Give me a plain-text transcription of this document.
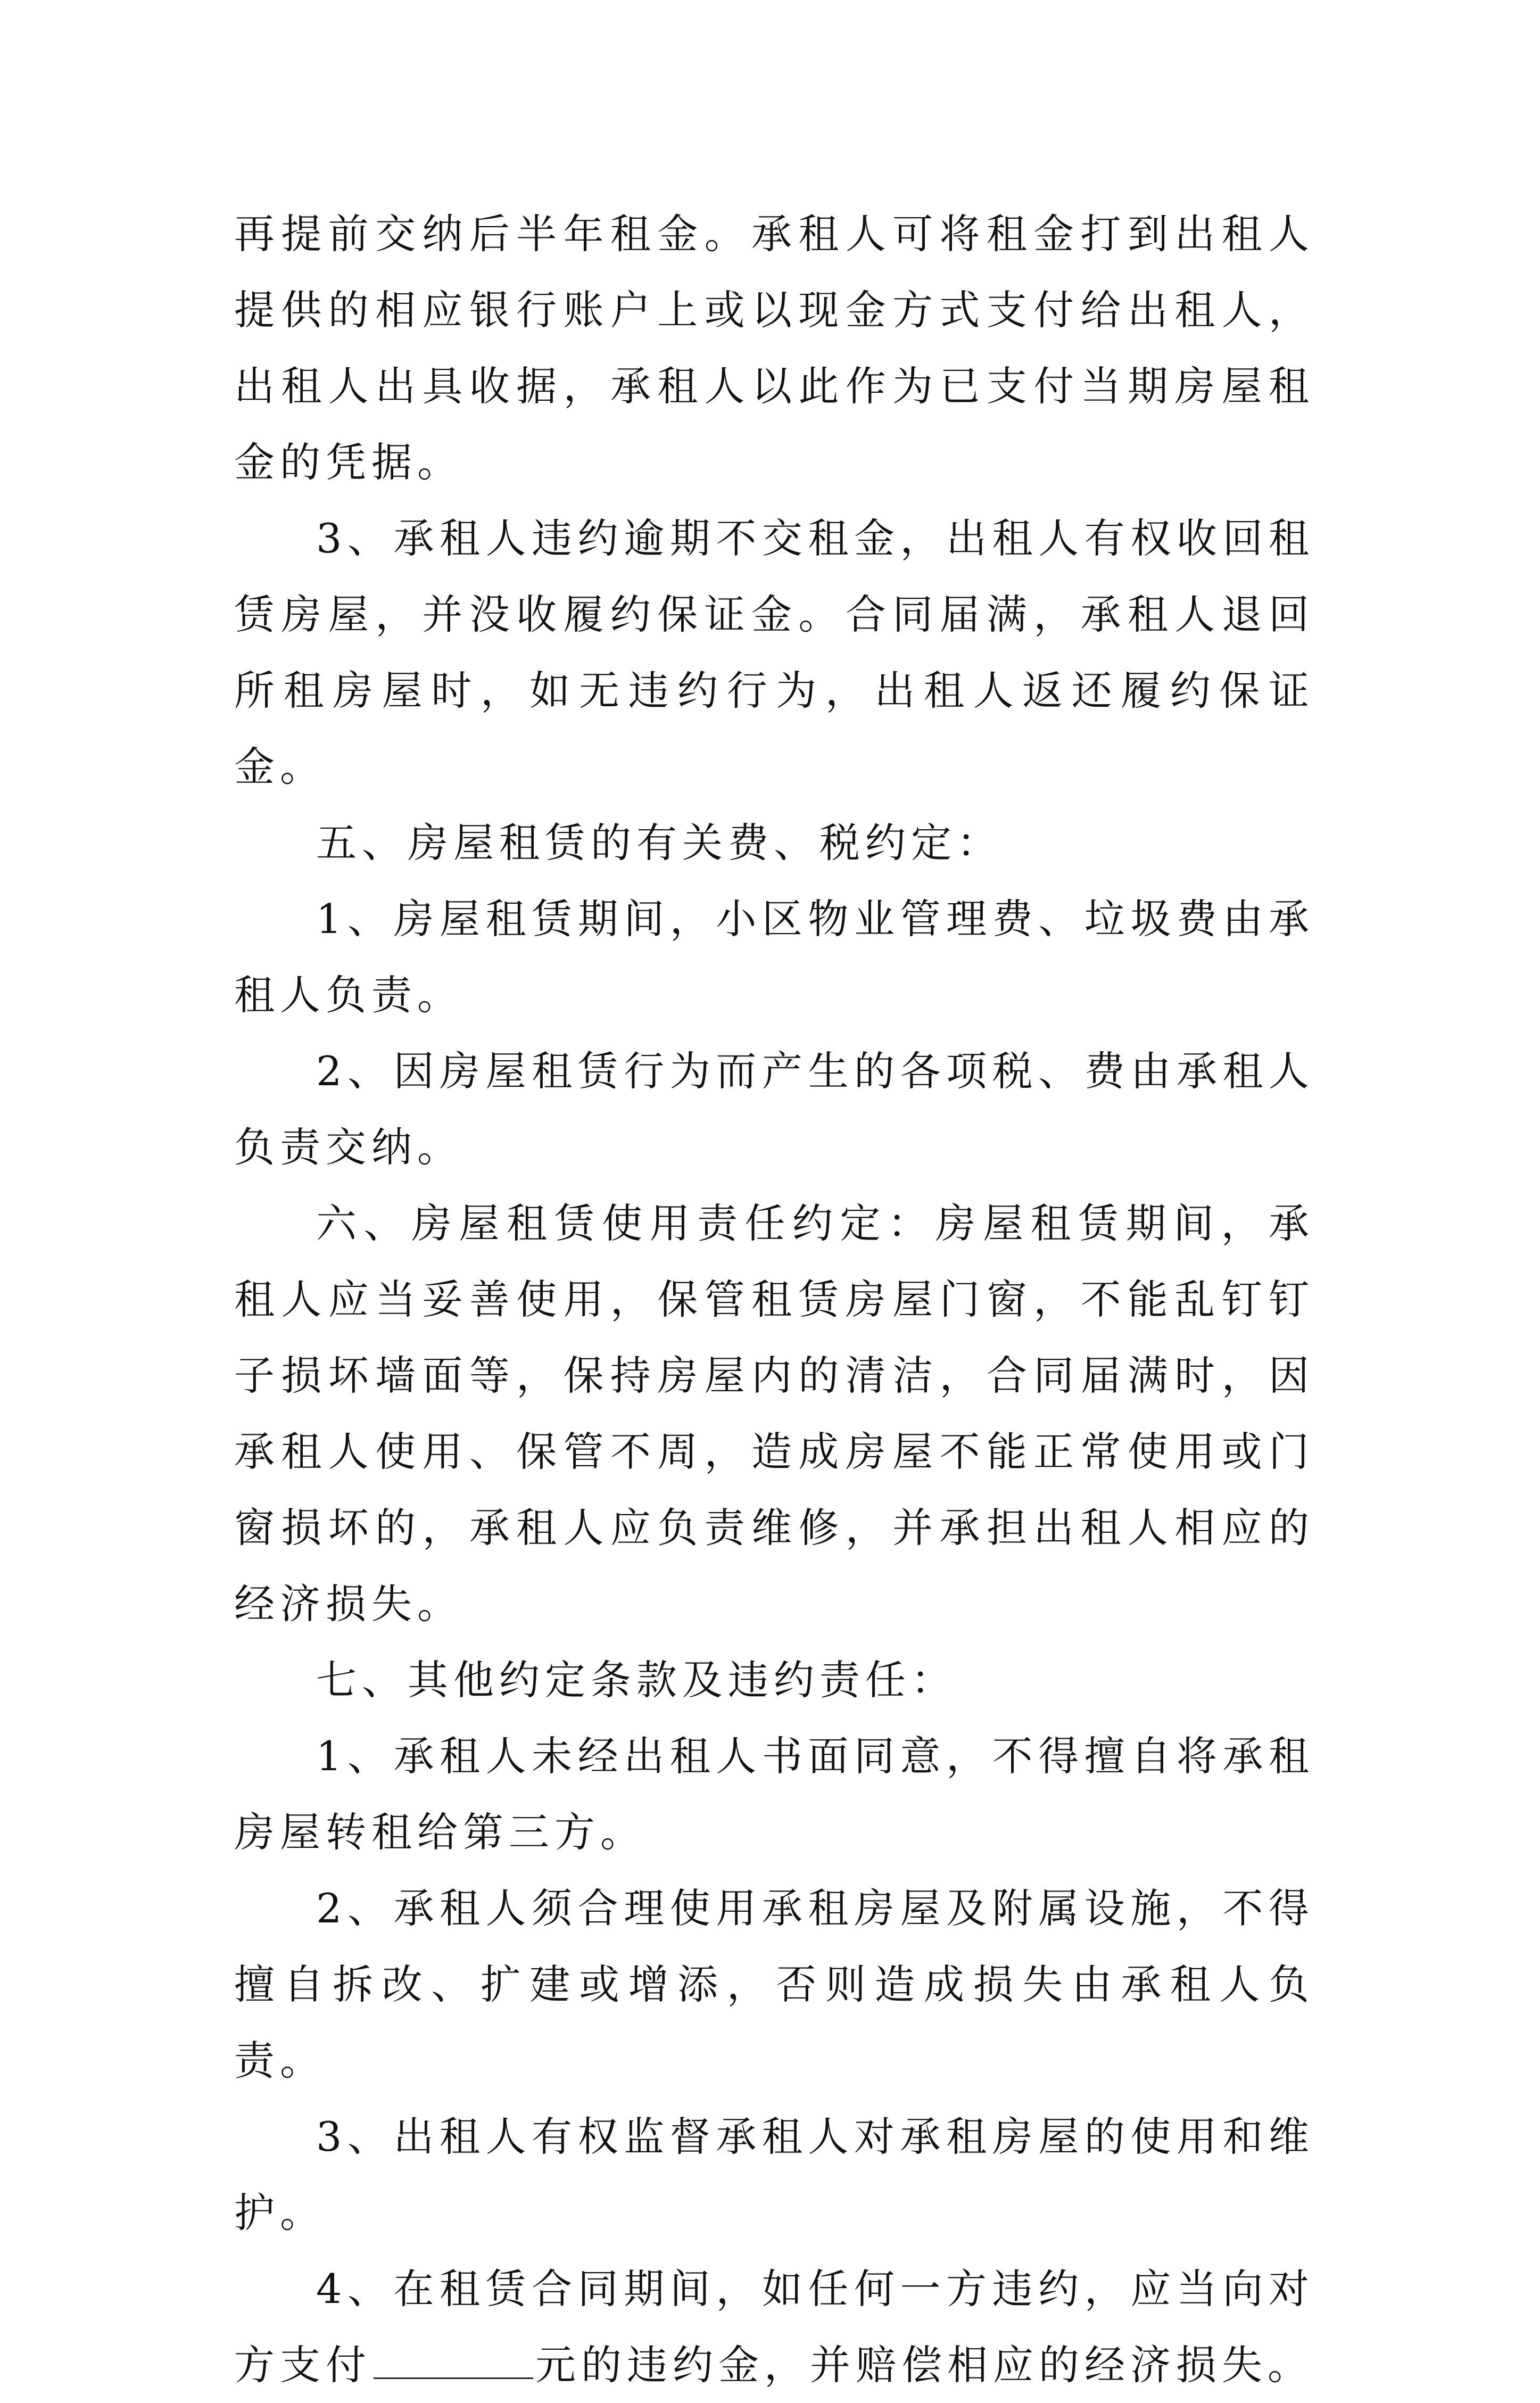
再提前交纳后半年租金。承租人可将租金打到出租人提供的相应银行账户上或以现金方式支付给出租人，出租人出具收据，承租人以此作为已支付当期房屋租金的凭据。

3、承租人违约逾期不交租金，出租人有权收回租赁房屋，并没收履约保证金。合同届满，承租人退回所租房屋时，如无违约行为，出租人返还履约保证金。

五、房屋租赁的有关费、税约定：

1、房屋租赁期间，小区物业管理费、垃圾费由承租人负责。

2、因房屋租赁行为而产生的各项税、费由承租人负责交纳。

六、房屋租赁使用责任约定：房屋租赁期间，承租人应当妥善使用，保管租赁房屋门窗，不能乱钉钉子损坏墙面等，保持房屋内的清洁，合同届满时，因承租人使用、保管不周，造成房屋不能正常使用或门窗损坏的，承租人应负责维修，并承担出租人相应的经济损失。

七、其他约定条款及违约责任：

1、承租人未经出租人书面同意，不得擅自将承租房屋转租给第三方。

2、承租人须合理使用承租房屋及附属设施，不得擅自拆改、扩建或增添，否则造成损失由承租人负责。

3、出租人有权监督承租人对承租房屋的使用和维护。

4、在租赁合同期间，如任何一方违约，应当向对方支付	元的违约金，并赔偿相应的经济损失。
